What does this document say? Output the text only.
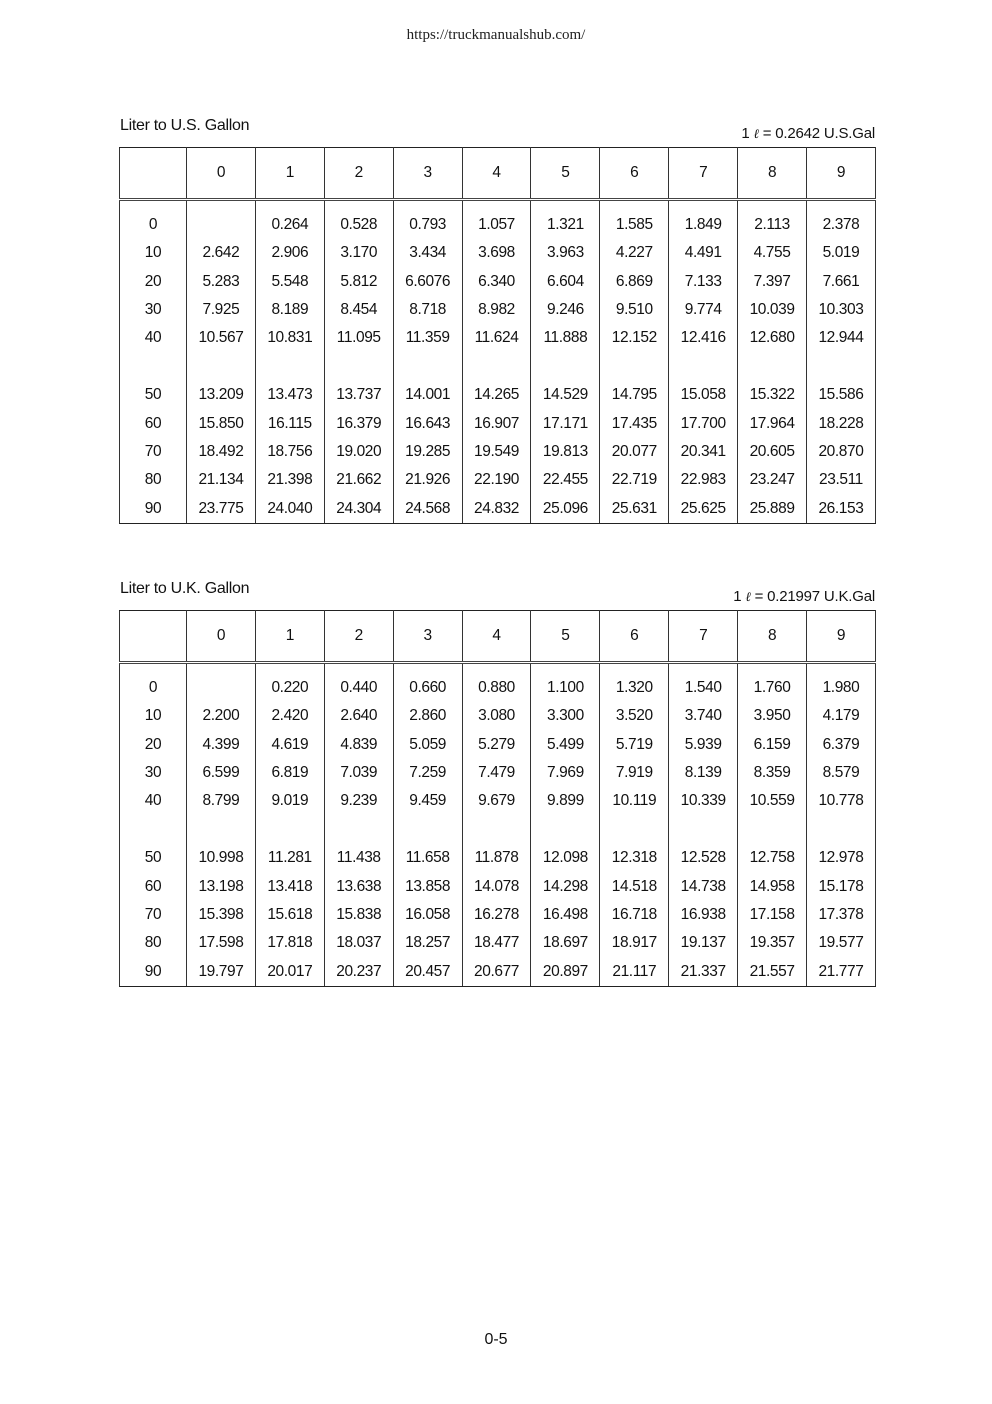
https://truckmanualshub.com/
Liter to U.S. Gallon	1 ℓ = 0.2642 U.S.Gal
	0	1	2	3	4	5	6	7	8	9
0		0.264	0.528	0.793	1.057	1.321	1.585	1.849	2.113	2.378
10	2.642	2.906	3.170	3.434	3.698	3.963	4.227	4.491	4.755	5.019
20	5.283	5.548	5.812	6.6076	6.340	6.604	6.869	7.133	7.397	7.661
30	7.925	8.189	8.454	8.718	8.982	9.246	9.510	9.774	10.039	10.303
40	10.567	10.831	11.095	11.359	11.624	11.888	12.152	12.416	12.680	12.944
50	13.209	13.473	13.737	14.001	14.265	14.529	14.795	15.058	15.322	15.586
60	15.850	16.115	16.379	16.643	16.907	17.171	17.435	17.700	17.964	18.228
70	18.492	18.756	19.020	19.285	19.549	19.813	20.077	20.341	20.605	20.870
80	21.134	21.398	21.662	21.926	22.190	22.455	22.719	22.983	23.247	23.511
90	23.775	24.040	24.304	24.568	24.832	25.096	25.631	25.625	25.889	26.153
Liter to U.K. Gallon	1 ℓ = 0.21997 U.K.Gal
	0	1	2	3	4	5	6	7	8	9
0		0.220	0.440	0.660	0.880	1.100	1.320	1.540	1.760	1.980
10	2.200	2.420	2.640	2.860	3.080	3.300	3.520	3.740	3.950	4.179
20	4.399	4.619	4.839	5.059	5.279	5.499	5.719	5.939	6.159	6.379
30	6.599	6.819	7.039	7.259	7.479	7.969	7.919	8.139	8.359	8.579
40	8.799	9.019	9.239	9.459	9.679	9.899	10.119	10.339	10.559	10.778
50	10.998	11.281	11.438	11.658	11.878	12.098	12.318	12.528	12.758	12.978
60	13.198	13.418	13.638	13.858	14.078	14.298	14.518	14.738	14.958	15.178
70	15.398	15.618	15.838	16.058	16.278	16.498	16.718	16.938	17.158	17.378
80	17.598	17.818	18.037	18.257	18.477	18.697	18.917	19.137	19.357	19.577
90	19.797	20.017	20.237	20.457	20.677	20.897	21.117	21.337	21.557	21.777
0-5
